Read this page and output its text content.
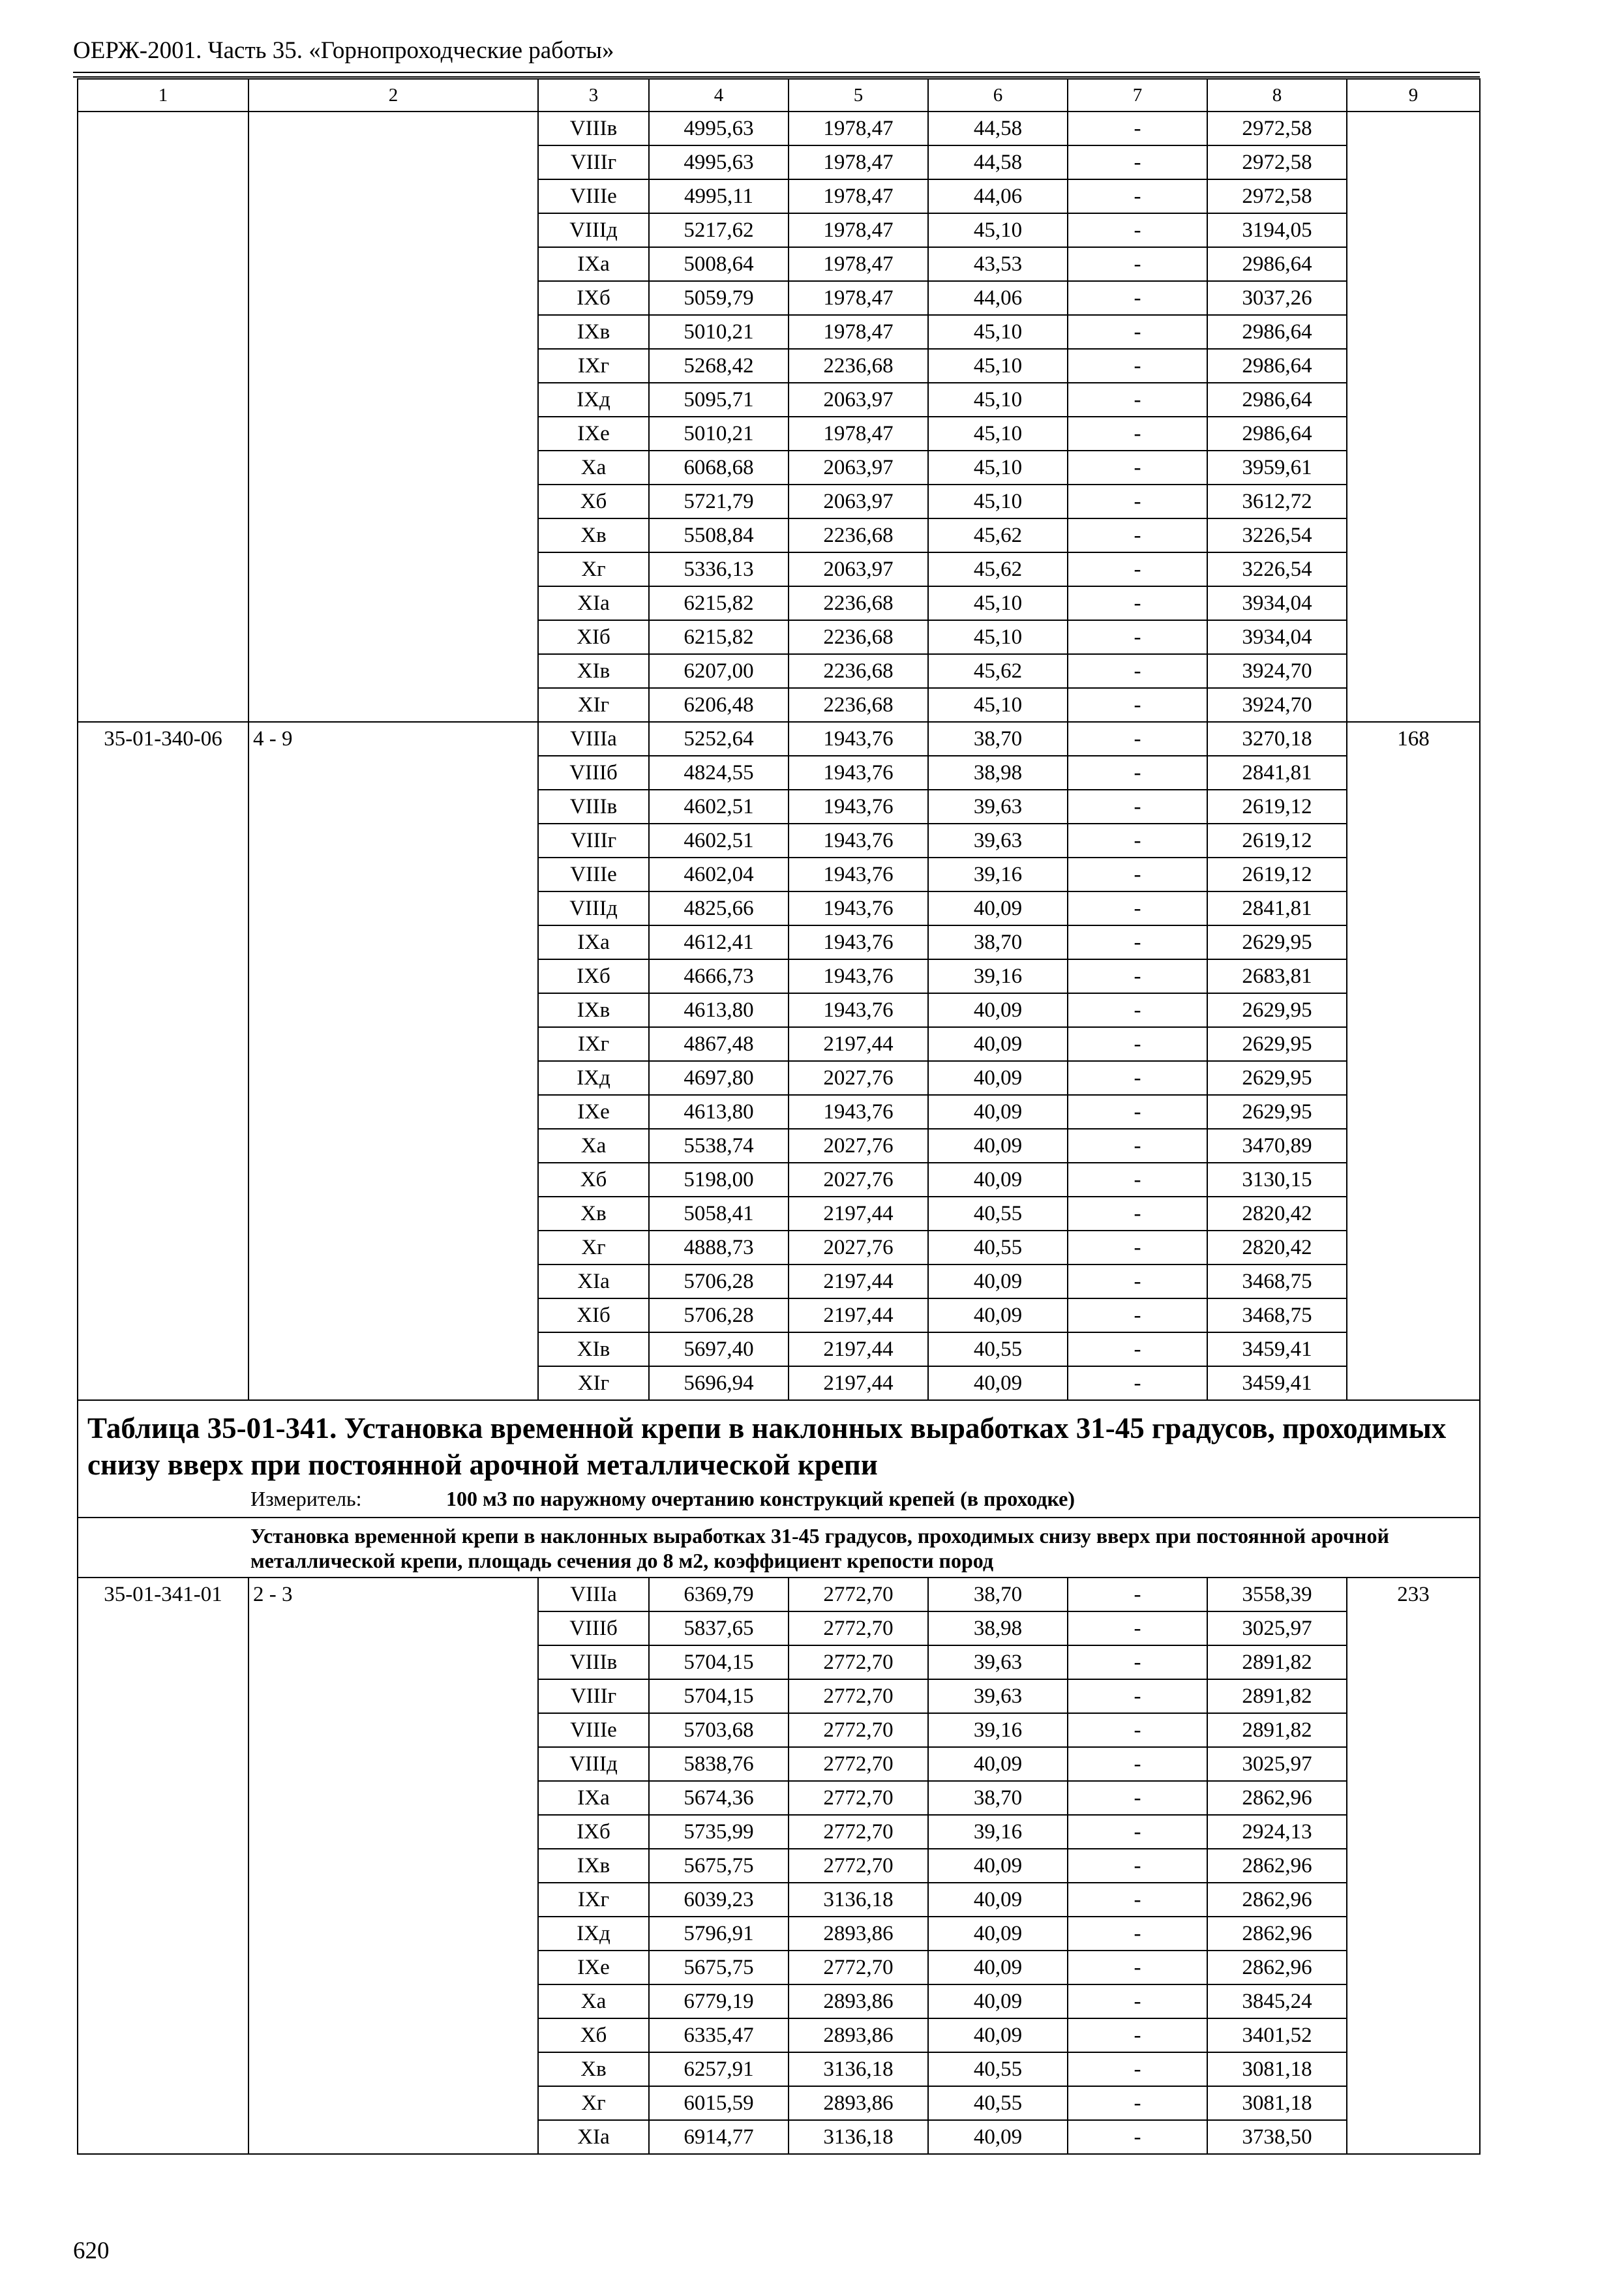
ОЕРЖ-2001. Часть 35. «Горнопроходческие работы»
1	2	3	4	5	6	7	8	9
		VIIIв	4995,63	1978,47	44,58	-	2972,58	
		VIIIг	4995,63	1978,47	44,58	-	2972,58	
		VIIIе	4995,11	1978,47	44,06	-	2972,58	
		VIIIд	5217,62	1978,47	45,10	-	3194,05	
		IXа	5008,64	1978,47	43,53	-	2986,64	
		IXб	5059,79	1978,47	44,06	-	3037,26	
		IXв	5010,21	1978,47	45,10	-	2986,64	
		IXг	5268,42	2236,68	45,10	-	2986,64	
		IXд	5095,71	2063,97	45,10	-	2986,64	
		IXе	5010,21	1978,47	45,10	-	2986,64	
		Xа	6068,68	2063,97	45,10	-	3959,61	
		Xб	5721,79	2063,97	45,10	-	3612,72	
		Xв	5508,84	2236,68	45,62	-	3226,54	
		Xг	5336,13	2063,97	45,62	-	3226,54	
		XIа	6215,82	2236,68	45,10	-	3934,04	
		XIб	6215,82	2236,68	45,10	-	3934,04	
		XIв	6207,00	2236,68	45,62	-	3924,70	
		XIг	6206,48	2236,68	45,10	-	3924,70	
35-01-340-06	4 - 9	VIIIа	5252,64	1943,76	38,70	-	3270,18	168
		VIIIб	4824,55	1943,76	38,98	-	2841,81	
		VIIIв	4602,51	1943,76	39,63	-	2619,12	
		VIIIг	4602,51	1943,76	39,63	-	2619,12	
		VIIIе	4602,04	1943,76	39,16	-	2619,12	
		VIIIд	4825,66	1943,76	40,09	-	2841,81	
		IXа	4612,41	1943,76	38,70	-	2629,95	
		IXб	4666,73	1943,76	39,16	-	2683,81	
		IXв	4613,80	1943,76	40,09	-	2629,95	
		IXг	4867,48	2197,44	40,09	-	2629,95	
		IXд	4697,80	2027,76	40,09	-	2629,95	
		IXе	4613,80	1943,76	40,09	-	2629,95	
		Xа	5538,74	2027,76	40,09	-	3470,89	
		Xб	5198,00	2027,76	40,09	-	3130,15	
		Xв	5058,41	2197,44	40,55	-	2820,42	
		Xг	4888,73	2027,76	40,55	-	2820,42	
		XIа	5706,28	2197,44	40,09	-	3468,75	
		XIб	5706,28	2197,44	40,09	-	3468,75	
		XIв	5697,40	2197,44	40,55	-	3459,41	
		XIг	5696,94	2197,44	40,09	-	3459,41	
Таблица 35-01-341. Установка временной крепи в наклонных выработках 31-45 градусов, проходимых снизу вверх при постоянной арочной металлической крепи								
Измеритель: 100 м3 по наружному очертанию конструкций крепей (в проходке)								
Установка временной крепи в наклонных выработках 31-45 градусов, проходимых снизу вверх при постоянной арочной металлической крепи, площадь сечения до 8 м2, коэффициент крепости пород								
35-01-341-01	2 - 3	VIIIа	6369,79	2772,70	38,70	-	3558,39	233
		VIIIб	5837,65	2772,70	38,98	-	3025,97	
		VIIIв	5704,15	2772,70	39,63	-	2891,82	
		VIIIг	5704,15	2772,70	39,63	-	2891,82	
		VIIIе	5703,68	2772,70	39,16	-	2891,82	
		VIIIд	5838,76	2772,70	40,09	-	3025,97	
		IXа	5674,36	2772,70	38,70	-	2862,96	
		IXб	5735,99	2772,70	39,16	-	2924,13	
		IXв	5675,75	2772,70	40,09	-	2862,96	
		IXг	6039,23	3136,18	40,09	-	2862,96	
		IXд	5796,91	2893,86	40,09	-	2862,96	
		IXе	5675,75	2772,70	40,09	-	2862,96	
		Xа	6779,19	2893,86	40,09	-	3845,24	
		Xб	6335,47	2893,86	40,09	-	3401,52	
		Xв	6257,91	3136,18	40,55	-	3081,18	
		Xг	6015,59	2893,86	40,55	-	3081,18	
		XIа	6914,77	3136,18	40,09	-	3738,50	
620
